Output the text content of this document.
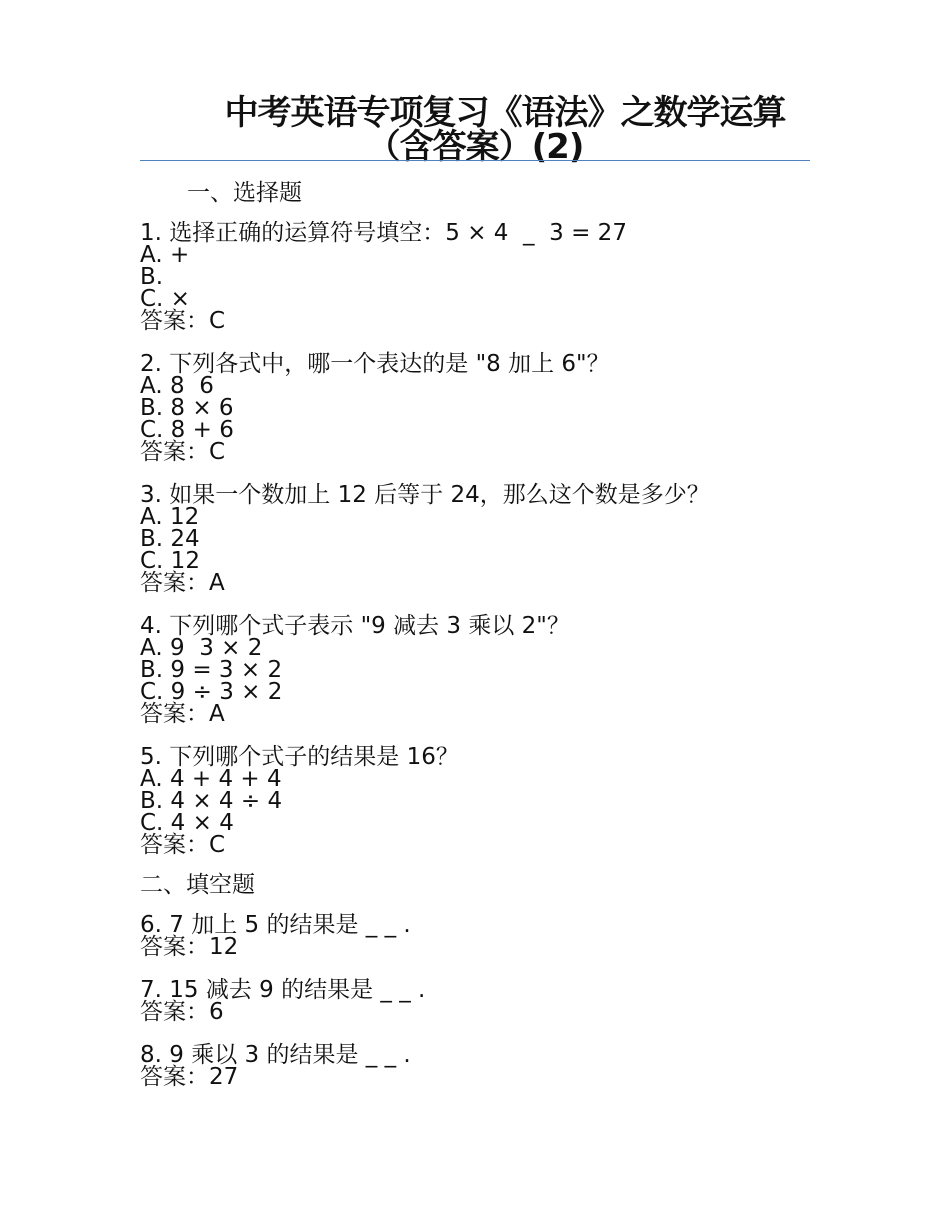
中考英语专项复习《语法》之数学运算
（含答案）(2)
一、选择题
1. 选择正确的运算符号填空：5 × 4  _  3 = 27
A. +
B.
C. ×
答案：C
2. 下列各式中，哪一个表达的是 "8 加上 6"？
A. 8  6
B. 8 × 6
C. 8 + 6
答案：C
3. 如果一个数加上 12 后等于 24，那么这个数是多少？
A. 12
B. 24
C. 12
答案：A
4. 下列哪个式子表示 "9 减去 3 乘以 2"？
A. 9  3 × 2
B. 9 = 3 × 2
C. 9 ÷ 3 × 2
答案：A
5. 下列哪个式子的结果是 16？
A. 4 + 4 + 4
B. 4 × 4 ÷ 4
C. 4 × 4
答案：C
二、填空题
6. 7 加上 5 的结果是 _ _ .
答案：12
7. 15 减去 9 的结果是 _ _ .
答案：6
8. 9 乘以 3 的结果是 _ _ .
答案：27
